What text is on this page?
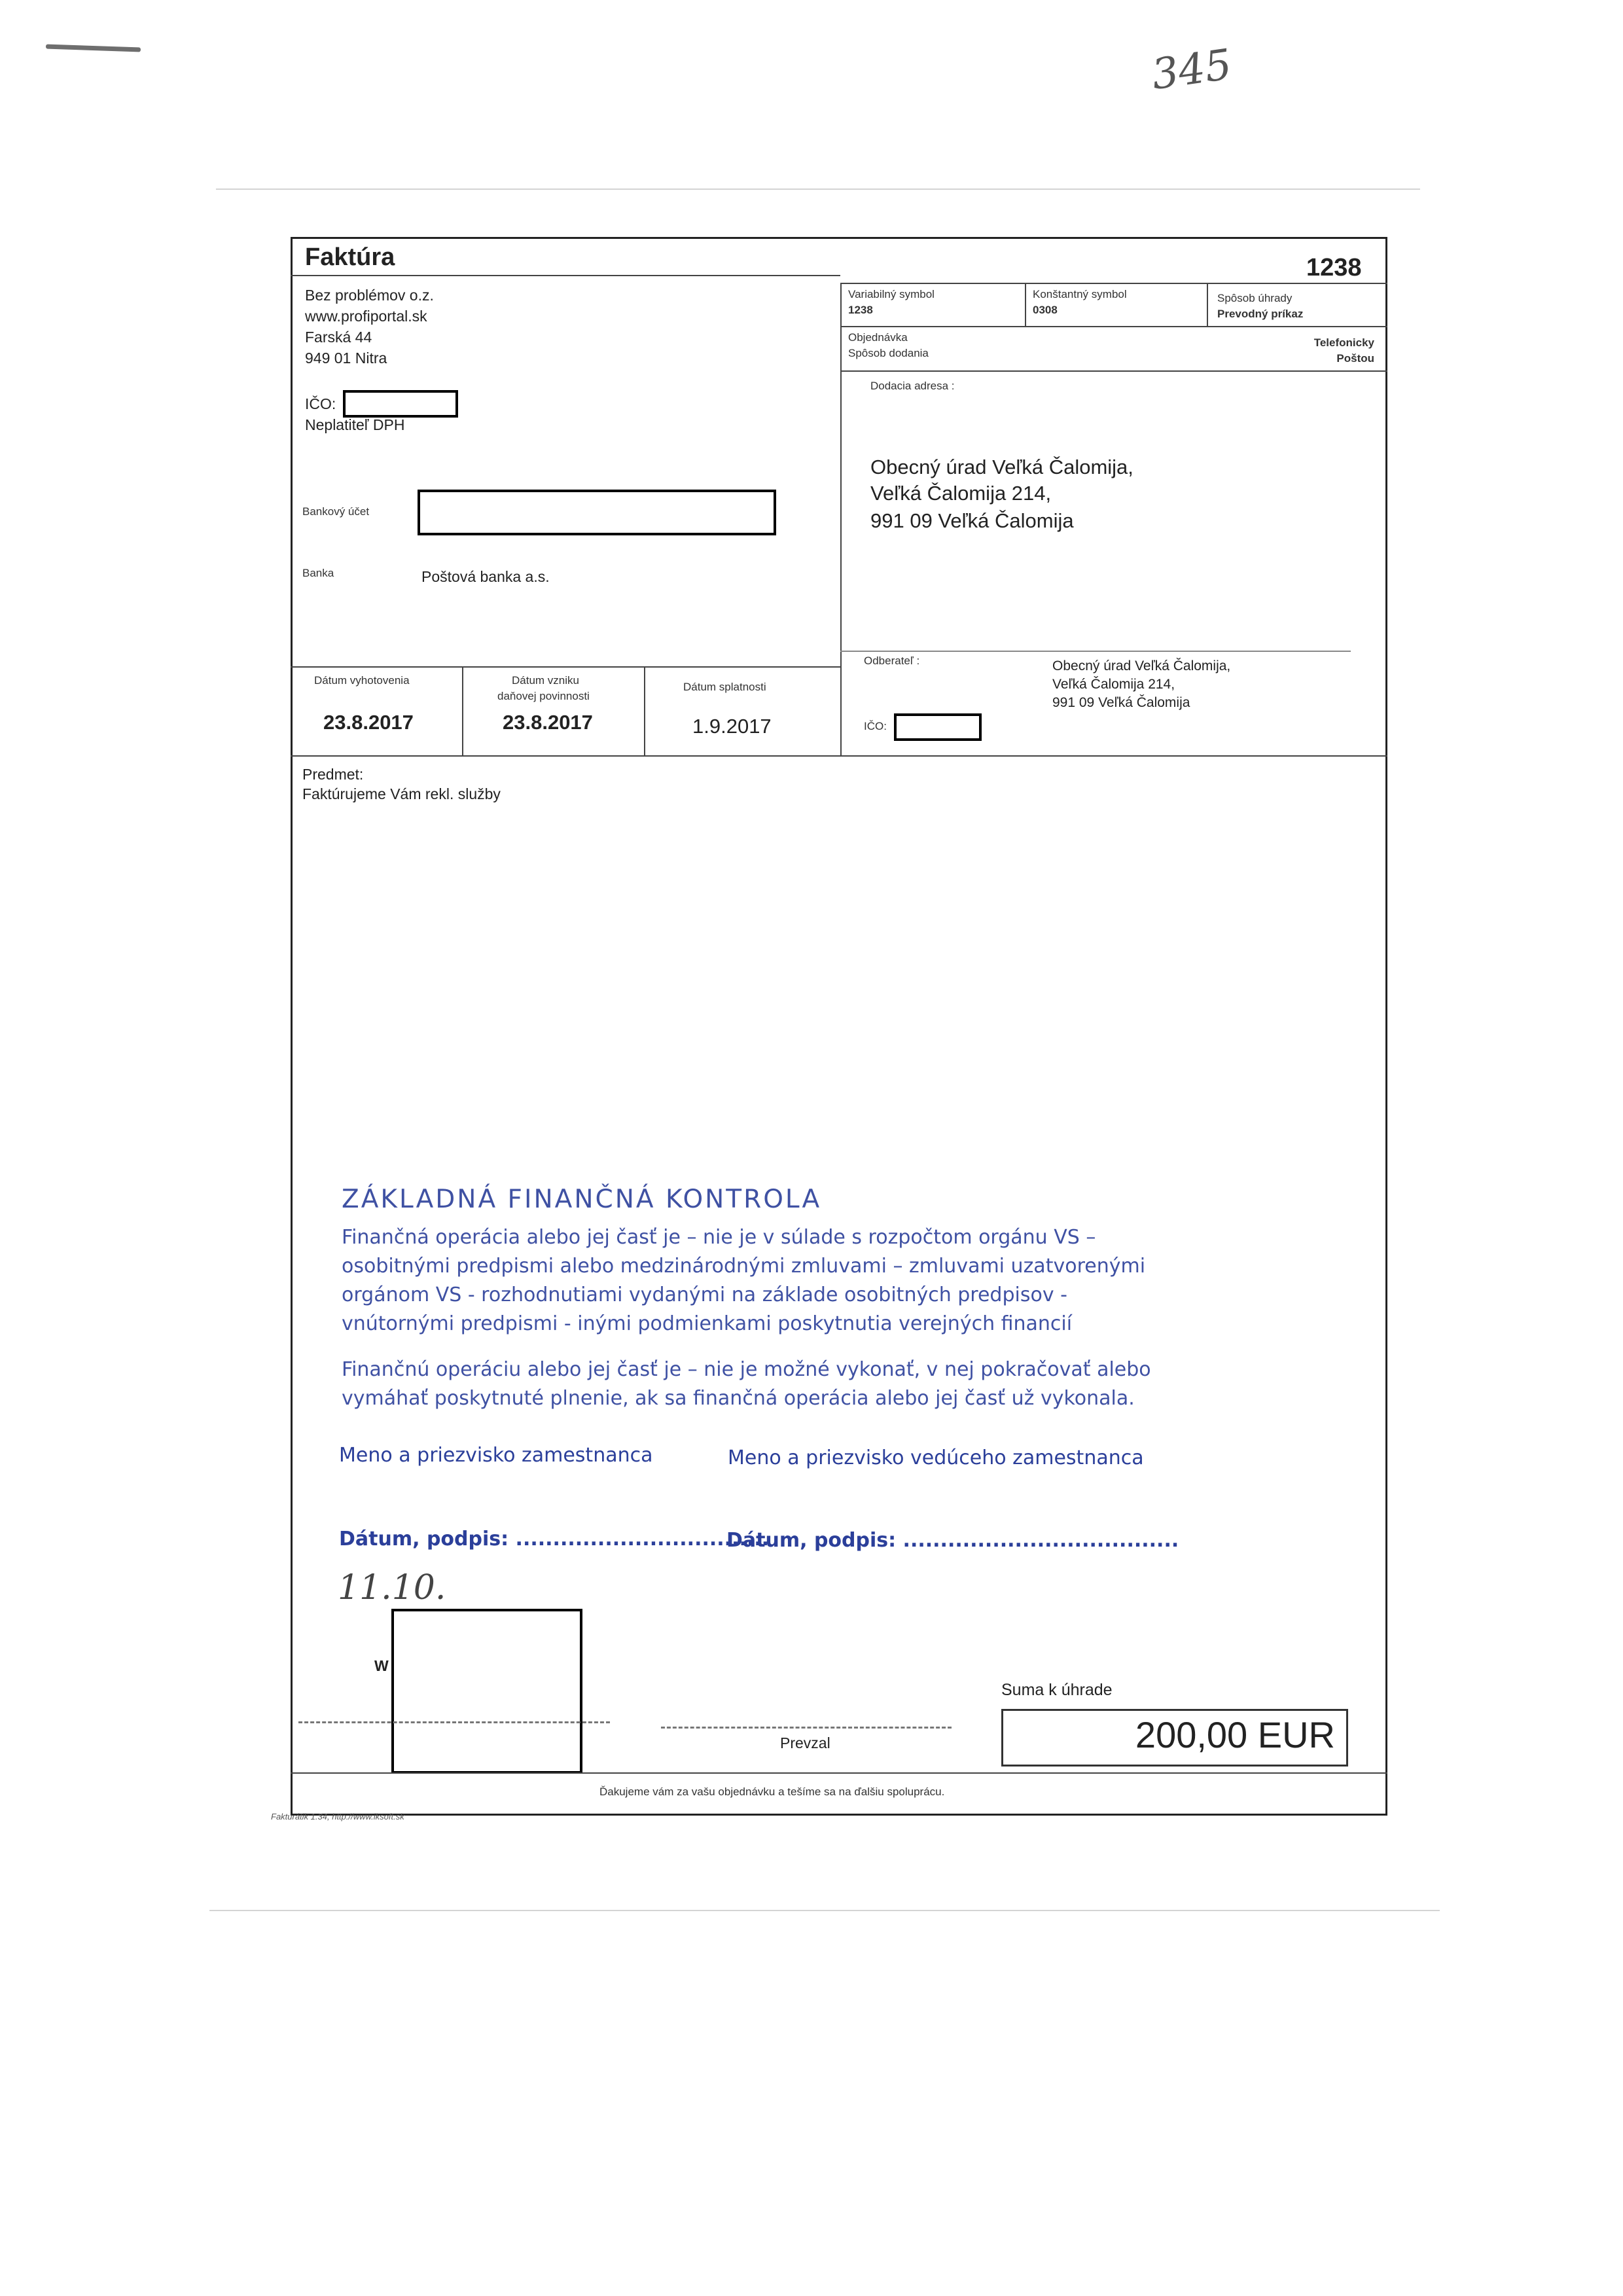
345
Faktúra	1238
Bez problémov o.z.
www.profiportal.sk
Farská 44
949 01 Nitra
IČO:
Neplatiteľ DPH
Bankový účet
Banka	Poštová banka a.s.
Variabilný symbol
1238
Konštantný symbol
0308
Spôsob úhrady
Prevodný príkaz
Objednávka	Telefonicky
Spôsob dodania	Poštou
Dodacia adresa :
Obecný úrad Veľká Čalomija,
Veľká Čalomija 214,
991 09 Veľká Čalomija
Odberateľ :	Obecný úrad Veľká Čalomija,
Veľká Čalomija 214,
991 09 Veľká Čalomija
IČO:
Dátum vyhotovenia
23.8.2017
Dátum vzniku
daňovej povinnosti
23.8.2017
Dátum splatnosti
1.9.2017
Predmet:
Faktúrujeme Vám rekl. služby
ZÁKLADNÁ FINANČNÁ KONTROLA

Finančná operácia alebo jej časť je – nie je v súlade s rozpočtom orgánu VS –

osobitnými predpismi alebo medzinárodnými zmluvami – zmluvami uzatvorenými

orgánom VS - rozhodnutiami vydanými na základe osobitných predpisov -

vnútornými predpismi - inými podmienkami poskytnutia verejných financií

Finančnú operáciu alebo jej časť je – nie je možné vykonať, v nej pokračovať alebo

vymáhať poskytnuté plnenie, ak sa finančná operácia alebo jej časť už vykonala.

Meno a priezvisko zamestnanca	Meno a priezvisko vedúceho zamestnanca
Dátum, podpis: ..................................
Dátum, podpis: .....................................
11.10.
W
Prevzal
Suma k úhrade
200,00 EUR
Ďakujeme vám za vašu objednávku a tešíme sa na ďalšiu spoluprácu.
Fakturátik 1.34, http://www.iksoft.sk
